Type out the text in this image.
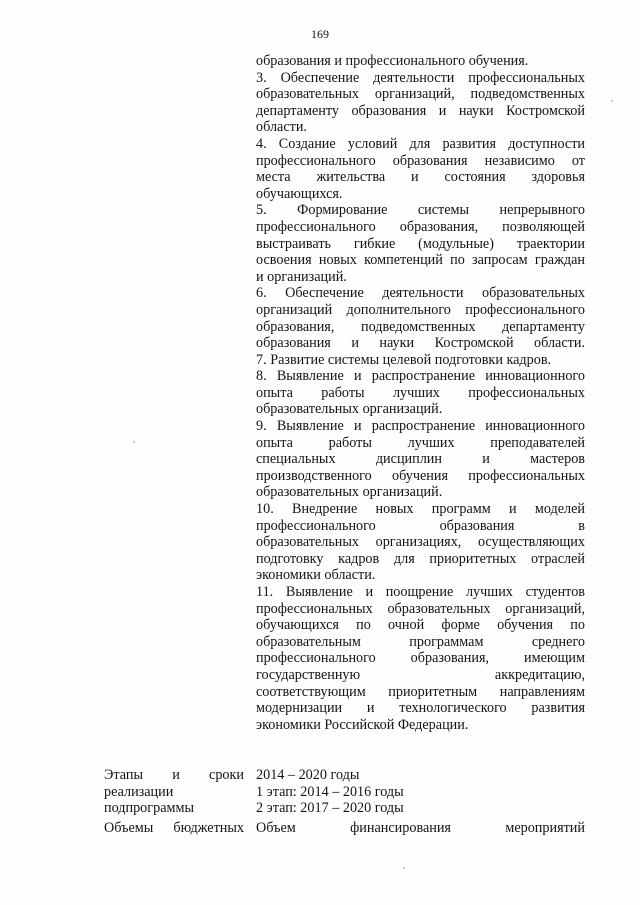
169
образования и профессионального обучения.
3. Обеспечение деятельности профессиональных
образовательных организаций, подведомственных
департаменту образования и науки Костромской
области.
4. Создание условий для развития доступности
профессионального образования независимо от
места жительства и состояния здоровья
обучающихся.
5. Формирование системы непрерывного
профессионального образования, позволяющей
выстраивать гибкие (модульные) траектории
освоения новых компетенций по запросам граждан
и организаций.
6. Обеспечение деятельности образовательных
организаций дополнительного профессионального
образования, подведомственных департаменту
образования и науки Костромской области.
7. Развитие системы целевой подготовки кадров.
8. Выявление и распространение инновационного
опыта работы лучших профессиональных
образовательных организаций.
9. Выявление и распространение инновационного
опыта работы лучших преподавателей
специальных дисциплин и мастеров
производственного обучения профессиональных
образовательных организаций.
10. Внедрение новых программ и моделей
профессионального образования в
образовательных организациях, осуществляющих
подготовку кадров для приоритетных отраслей
экономики области.
11. Выявление и поощрение лучших студентов
профессиональных образовательных организаций,
обучающихся по очной форме обучения по
образовательным программам среднего
профессионального образования, имеющим
государственную аккредитацию,
соответствующим приоритетным направлениям
модернизации и технологического развития
экономики Российской Федерации.
Этапы и сроки
реализации
подпрограммы
2014 – 2020 годы
1 этап: 2014 – 2016 годы
2 этап: 2017 – 2020 годы
Объемы бюджетных Объем финансирования мероприятий
